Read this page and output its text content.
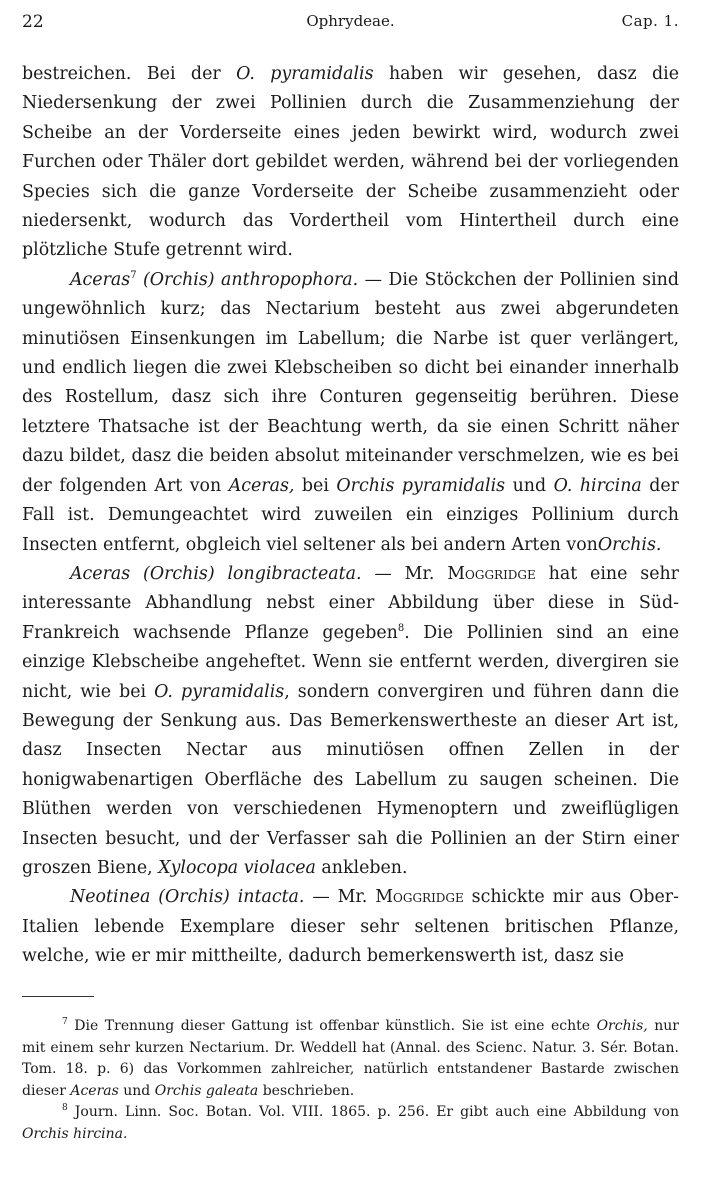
22	Ophrydeae.	Cap. 1.

bestreichen. Bei der O. pyramidalis haben wir gesehen, dasz die Niedersenkung der zwei Pollinien durch die Zusammenziehung der Scheibe an der Vorderseite eines jeden bewirkt wird, wodurch zwei Furchen oder Thäler dort gebildet werden, während bei der vorliegenden Species sich die ganze Vorderseite der Scheibe zusammenzieht oder niedersenkt, wodurch das Vordertheil vom Hintertheil durch eine plötzliche Stufe getrennt wird.

Aceras$^7$ (Orchis) anthropophora. — Die Stöckchen der Pollinien sind ungewöhnlich kurz; das Nectarium besteht aus zwei abgerundeten minutiösen Einsenkungen im Labellum; die Narbe ist quer verlängert, und endlich liegen die zwei Klebscheiben so dicht bei einander innerhalb des Rostellum, dasz sich ihre Conturen gegenseitig berühren. Diese letztere Thatsache ist der Beachtung werth, da sie einen Schritt näher dazu bildet, dasz die beiden absolut miteinander verschmelzen, wie es bei der folgenden Art von Aceras, bei Orchis pyramidalis und O. hircina der Fall ist. Demungeachtet wird zuweilen ein einziges Pollinium durch Insecten entfernt, obgleich viel seltener als bei andern Arten vonOrchis.

Aceras (Orchis) longibracteata. — Mr. Moggridge hat eine sehr interessante Abhandlung nebst einer Abbildung über diese in Süd-Frankreich wachsende Pflanze gegeben$^8$. Die Pollinien sind an eine einzige Klebscheibe angeheftet. Wenn sie entfernt werden, divergiren sie nicht, wie bei O. pyramidalis, sondern convergiren und führen dann die Bewegung der Senkung aus. Das Bemerkenswertheste an dieser Art ist, dasz Insecten Nectar aus minutiösen offnen Zellen in der honigwabenartigen Oberfläche des Labellum zu saugen scheinen. Die Blüthen werden von verschiedenen Hymenoptern und zweiflügligen Insecten besucht, und der Verfasser sah die Pollinien an der Stirn einer groszen Biene, Xylocopa violacea ankleben.

Neotinea (Orchis) intacta. — Mr. Moggridge schickte mir aus Ober-Italien lebende Exemplare dieser sehr seltenen britischen Pflanze, welche, wie er mir mittheilte, dadurch bemerkenswerth ist, dasz sie

$^7$ Die Trennung dieser Gattung ist offenbar künstlich. Sie ist eine echte Orchis, nur mit einem sehr kurzen Nectarium. Dr. Weddell hat (Annal. des Scienc. Natur. 3. Sér. Botan. Tom. 18. p. 6) das Vorkommen zahlreicher, natürlich entstandener Bastarde zwischen dieser Aceras und Orchis galeata beschrieben.

$^8$ Journ. Linn. Soc. Botan. Vol. VIII. 1865. p. 256. Er gibt auch eine Abbildung von Orchis hircina.
